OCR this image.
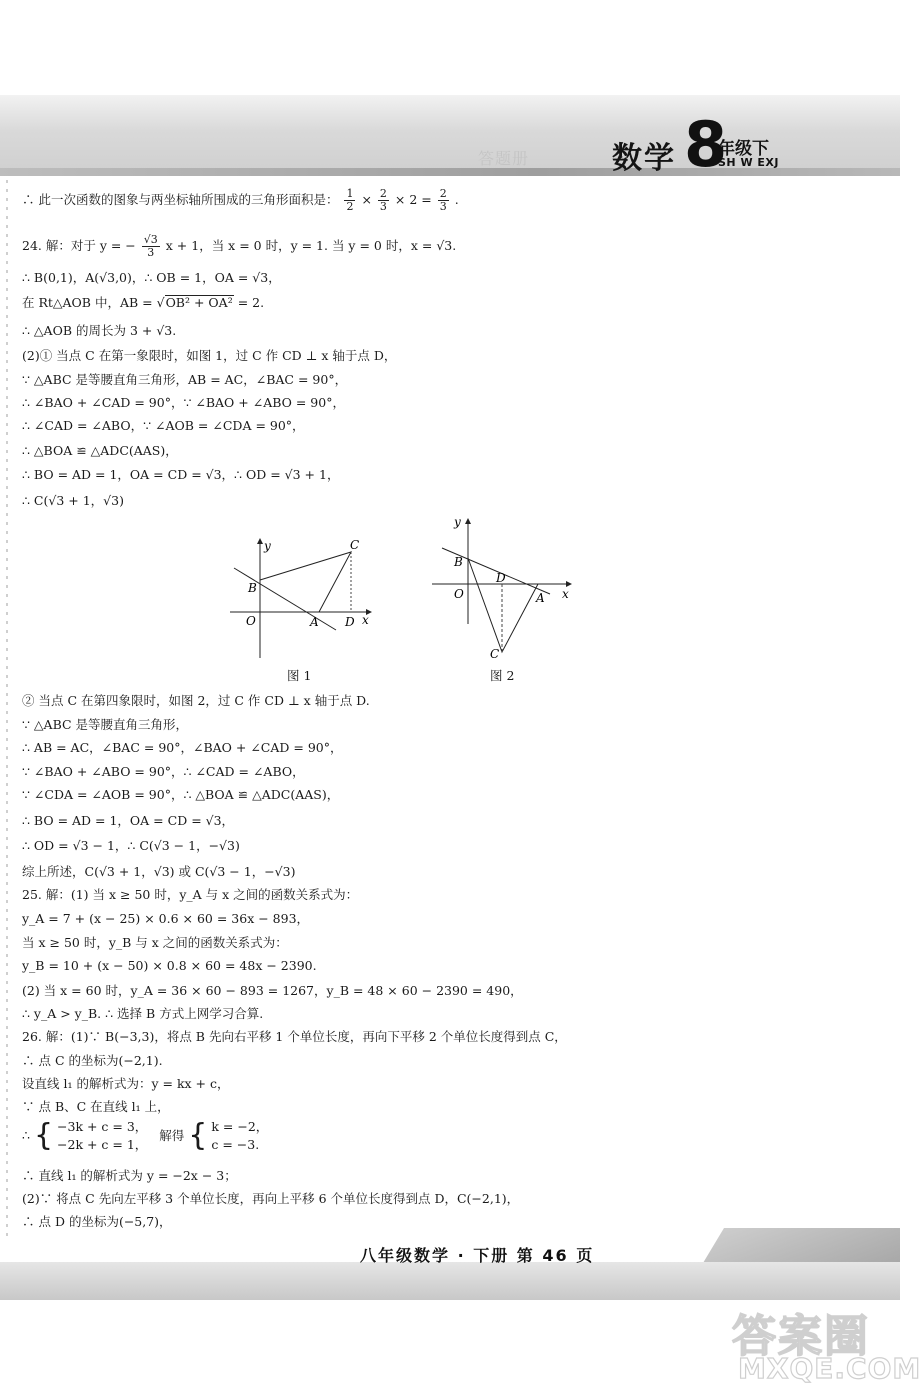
答题册	数学 8
年级下
SH W EXJ
∴ 此一次函数的图象与两坐标轴所围成的三角形面积是： $\frac{1}{2} \times \frac{2}{3} \times 2 = \frac{2}{3}$ .
24. 解：对于 y = − $\frac{√3}{3}$ x + 1，当 x = 0 时，y = 1. 当 y = 0 时，x = √3.
∴ B(0,1)，A(√3,0)，∴ OB = 1，OA = √3，
在 Rt△AOB 中，AB = √OB² + OA² = 2.
∴ △AOB 的周长为 3 + √3.
(2)① 当点 C 在第一象限时，如图 1，过 C 作 CD ⊥ x 轴于点 D，
∵ △ABC 是等腰直角三角形，AB = AC，∠BAC = 90°，
∴ ∠BAO + ∠CAD = 90°，∵ ∠BAO + ∠ABO = 90°，
∴ ∠CAD = ∠ABO，∵ ∠AOB = ∠CDA = 90°，
∴ △BOA ≌ △ADC(AAS)，
∴ BO = AD = 1，OA = CD = √3，∴ OD = √3 + 1，
∴ C(√3 + 1，√3)
y
x
O
B
A
C
D
图 1
y
x
O
B
A
C
D
图 2
② 当点 C 在第四象限时，如图 2，过 C 作 CD ⊥ x 轴于点 D.
∵ △ABC 是等腰直角三角形，
∴ AB = AC，∠BAC = 90°，∠BAO + ∠CAD = 90°，
∵ ∠BAO + ∠ABO = 90°，∴ ∠CAD = ∠ABO，
∵ ∠CDA = ∠AOB = 90°，∴ △BOA ≌ △ADC(AAS)，
∴ BO = AD = 1，OA = CD = √3，
∴ OD = √3 − 1，∴ C(√3 − 1，−√3)
综上所述，C(√3 + 1，√3) 或 C(√3 − 1，−√3)
25. 解：(1) 当 x ≥ 50 时，y_A 与 x 之间的函数关系式为：
y_A = 7 + (x − 25) × 0.6 × 60 = 36x − 893，
当 x ≥ 50 时，y_B 与 x 之间的函数关系式为：
y_B = 10 + (x − 50) × 0.8 × 60 = 48x − 2390.
(2) 当 x = 60 时，y_A = 36 × 60 − 893 = 1267，y_B = 48 × 60 − 2390 = 490，
∴ y_A > y_B. ∴ 选择 B 方式上网学习合算.
26. 解：(1)∵ B(−3,3)，将点 B 先向右平移 1 个单位长度，再向下平移 2 个单位长度得到点 C，
∴ 点 C 的坐标为(−2,1).
设直线 l₁ 的解析式为：y = kx + c，
∵ 点 B、C 在直线 l₁ 上，
∴ { −3k + c = 3，
−2k + c = 1，
解得 { k = −2，
c = −3.
∴ 直线 l₁ 的解析式为 y = −2x − 3；
(2)∵ 将点 C 先向左平移 3 个单位长度，再向上平移 6 个单位长度得到点 D，C(−2,1)，
∴ 点 D 的坐标为(−5,7)，
八年级数学 · 下册 第 46 页
答案圈
MXQE.COM
